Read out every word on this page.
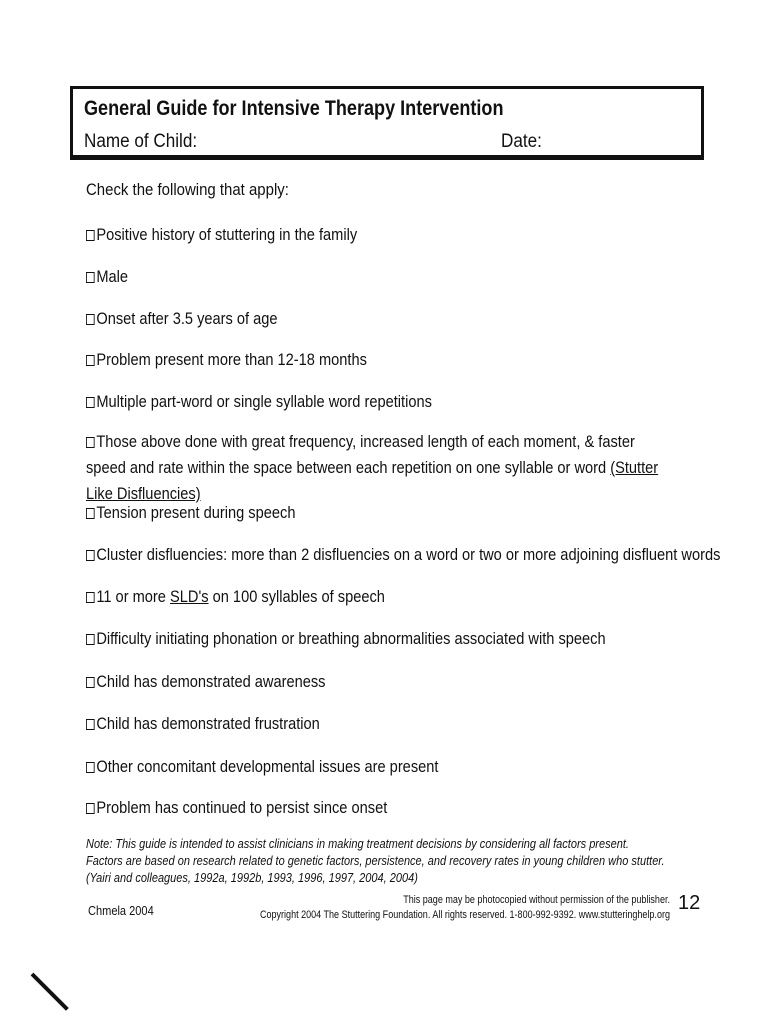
General Guide for Intensive Therapy Intervention
Name of Child:	Date:
Check the following that apply:
Positive history of stuttering in the family
Male
Onset after 3.5 years of age
Problem present more than 12-18 months
Multiple part-word or single syllable word repetitions
Those above done with great frequency, increased length of each moment, & faster speed and rate within the space between each repetition on one syllable or word (Stutter Like Disfluencies)
Tension present during speech
Cluster disfluencies: more than 2 disfluencies on a word or two or more adjoining disfluent words
11 or more SLD's on 100 syllables of speech
Difficulty initiating phonation or breathing abnormalities associated with speech
Child has demonstrated awareness
Child has demonstrated frustration
Other concomitant developmental issues are present
Problem has continued to persist since onset
Note: This guide is intended to assist clinicians in making treatment decisions by considering all factors present. Factors are based on research related to genetic factors, persistence, and recovery rates in young children who stutter. (Yairi and colleagues, 1992a, 1992b, 1993, 1996, 1997, 2004, 2004)
Chmela 2004
This page may be photocopied without permission of the publisher.
Copyright 2004 The Stuttering Foundation. All rights reserved. 1-800-992-9392. www.stutteringhelp.org
12
